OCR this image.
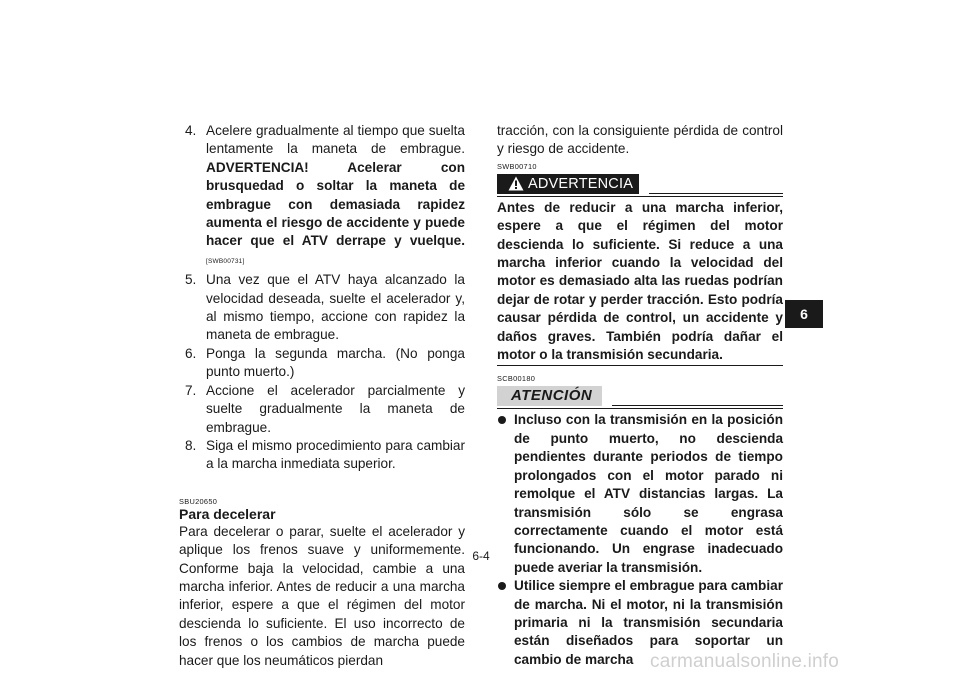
4. Acelere gradualmente al tiempo que suelta lentamente la maneta de embrague. ADVERTENCIA! Acelerar con brusquedad o soltar la maneta de embrague con demasiada rapidez aumenta el riesgo de accidente y puede hacer que el ATV derrape y vuelque.[SWB00731]
5. Una vez que el ATV haya alcanzado la velocidad deseada, suelte el acelerador y, al mismo tiempo, accione con rapidez la maneta de embrague.
6. Ponga la segunda marcha. (No ponga punto muerto.)
7. Accione el acelerador parcialmente y suelte gradualmente la maneta de embrague.
8. Siga el mismo procedimiento para cambiar a la marcha inmediata superior.
SBU20650
Para decelerar

Para decelerar o parar, suelte el acelerador y aplique los frenos suave y uniformemente. Conforme baja la velocidad, cambie a una marcha inferior. Antes de reducir a una marcha inferior, espere a que el régimen del motor descienda lo suficiente. El uso incorrecto de los frenos o los cambios de marcha puede hacer que los neumáticos pierdan

tracción, con la consiguiente pérdida de control y riesgo de accidente.

SWB00710
ADVERTENCIA
Antes de reducir a una marcha inferior, espere a que el régimen del motor descienda lo suficiente. Si reduce a una marcha inferior cuando la velocidad del motor es demasiado alta las ruedas podrían dejar de rotar y perder tracción. Esto podría causar pérdida de control, un accidente y daños graves. También podría dañar el motor o la transmisión secundaria.
SCB00180
ATENCIÓN
Incluso con la transmisión en la posición de punto muerto, no descienda pendientes durante periodos de tiempo prolongados con el motor parado ni remolque el ATV distancias largas. La transmisión sólo se engrasa correctamente cuando el motor está funcionando. Un engrase inadecuado puede averiar la transmisión.
Utilice siempre el embrague para cambiar de marcha. Ni el motor, ni la transmisión primaria ni la transmisión secundaria están diseñados para soportar un cambio de marcha
6
6-4
carmanualsonline.info
